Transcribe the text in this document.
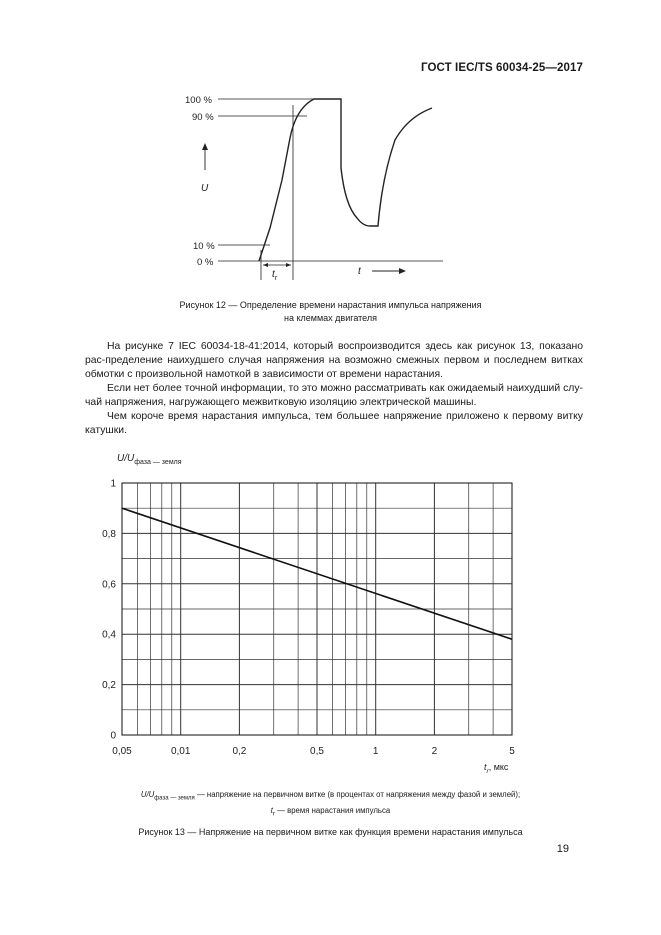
ГОСТ IEC/TS 60034-25—2017
100 %
90 %
10 %
0 %
U
$t_r$
t
Рисунок 12 — Определение времени нарастания импульса напряжения
на клеммах двигателя
На рисунке 7 IEC 60034-18-41:2014, который воспроизводится здесь как рисунок 13, показано рас-пределение наихудшего случая напряжения на возможно смежных первом и последнем витках обмотки с произвольной намоткой в зависимости от времени нарастания.
Если нет более точной информации, то это можно рассматривать как ожидаемый наихудший слу-чай напряжения, нагружающего межвитковую изоляцию электрической машины.
Чем короче время нарастания импульса, тем большее напряжение приложено к первому витку катушки.
0
0,2
0,4
0,6
0,8
1
0,05	0,01	0,2	0,5	1	2	5
$U/U_{фаза — земля}$
$t_r$, мкс
$U/U_{фаза — земля}$ — напряжение на первичном витке (в процентах от напряжения между фазой и землей);
$t_r$ — время нарастания импульса
Рисунок 13 — Напряжение на первичном витке как функция времени нарастания импульса
19
